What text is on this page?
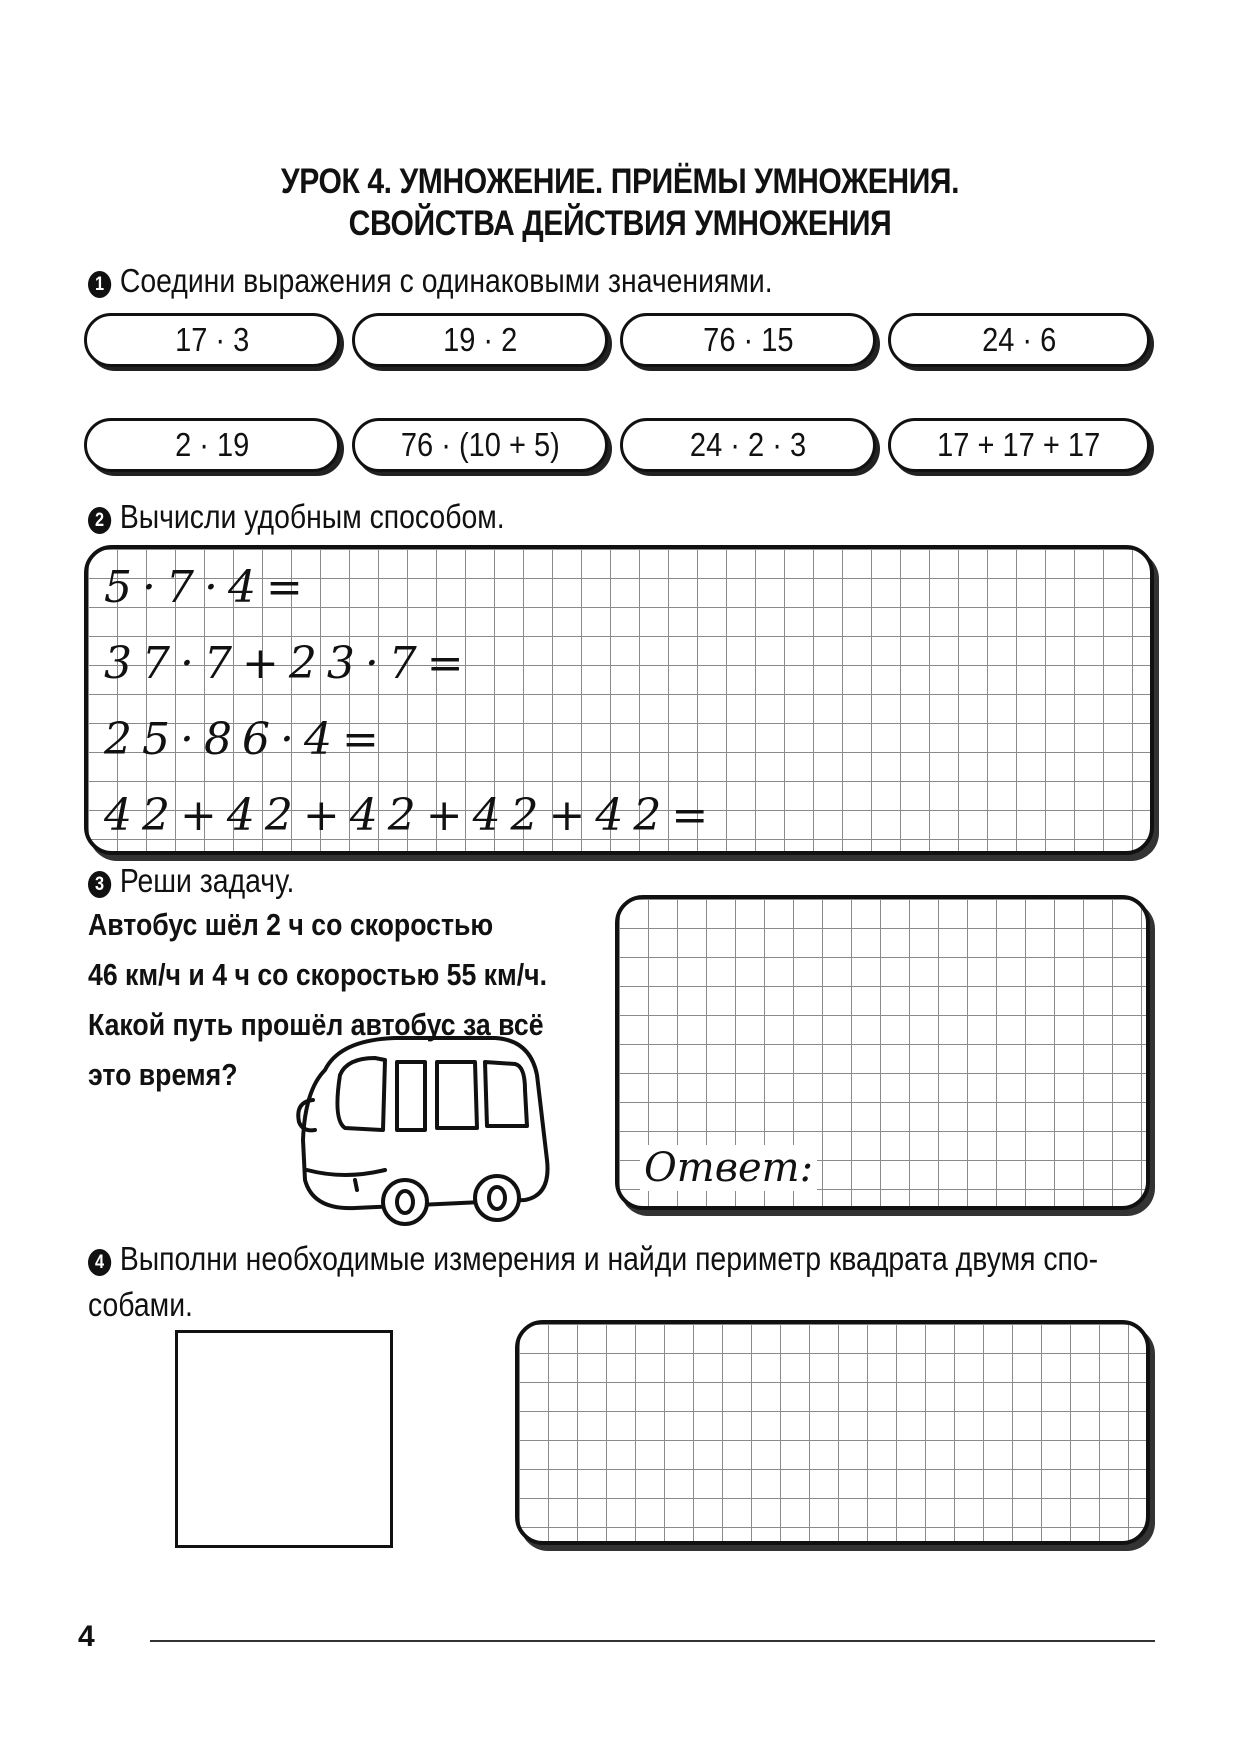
УРОК 4. УМНОЖЕНИЕ. ПРИЁМЫ УМНОЖЕНИЯ.
СВОЙСТВА ДЕЙСТВИЯ УМНОЖЕНИЯ
1 Соедини выражения с одинаковыми значениями.
17 · 3	19 · 2	76 · 15	24 · 6
2 · 19	76 · (10 + 5)	24 · 2 · 3	17 + 17 + 17
2 Вычисли удобным способом.
5·7·4=
37·7+23·7=
25·86·4=
42+42+42+42+42=
3 Реши задачу.
Автобус шёл 2 ч со скоростью
46 км/ч и 4 ч со скоростью 55 км/ч.
Какой путь прошёл автобус за всё
это время?
Ответ:
4 Выполни необходимые измерения и найди периметр квадрата двумя спо-
собами.
4
